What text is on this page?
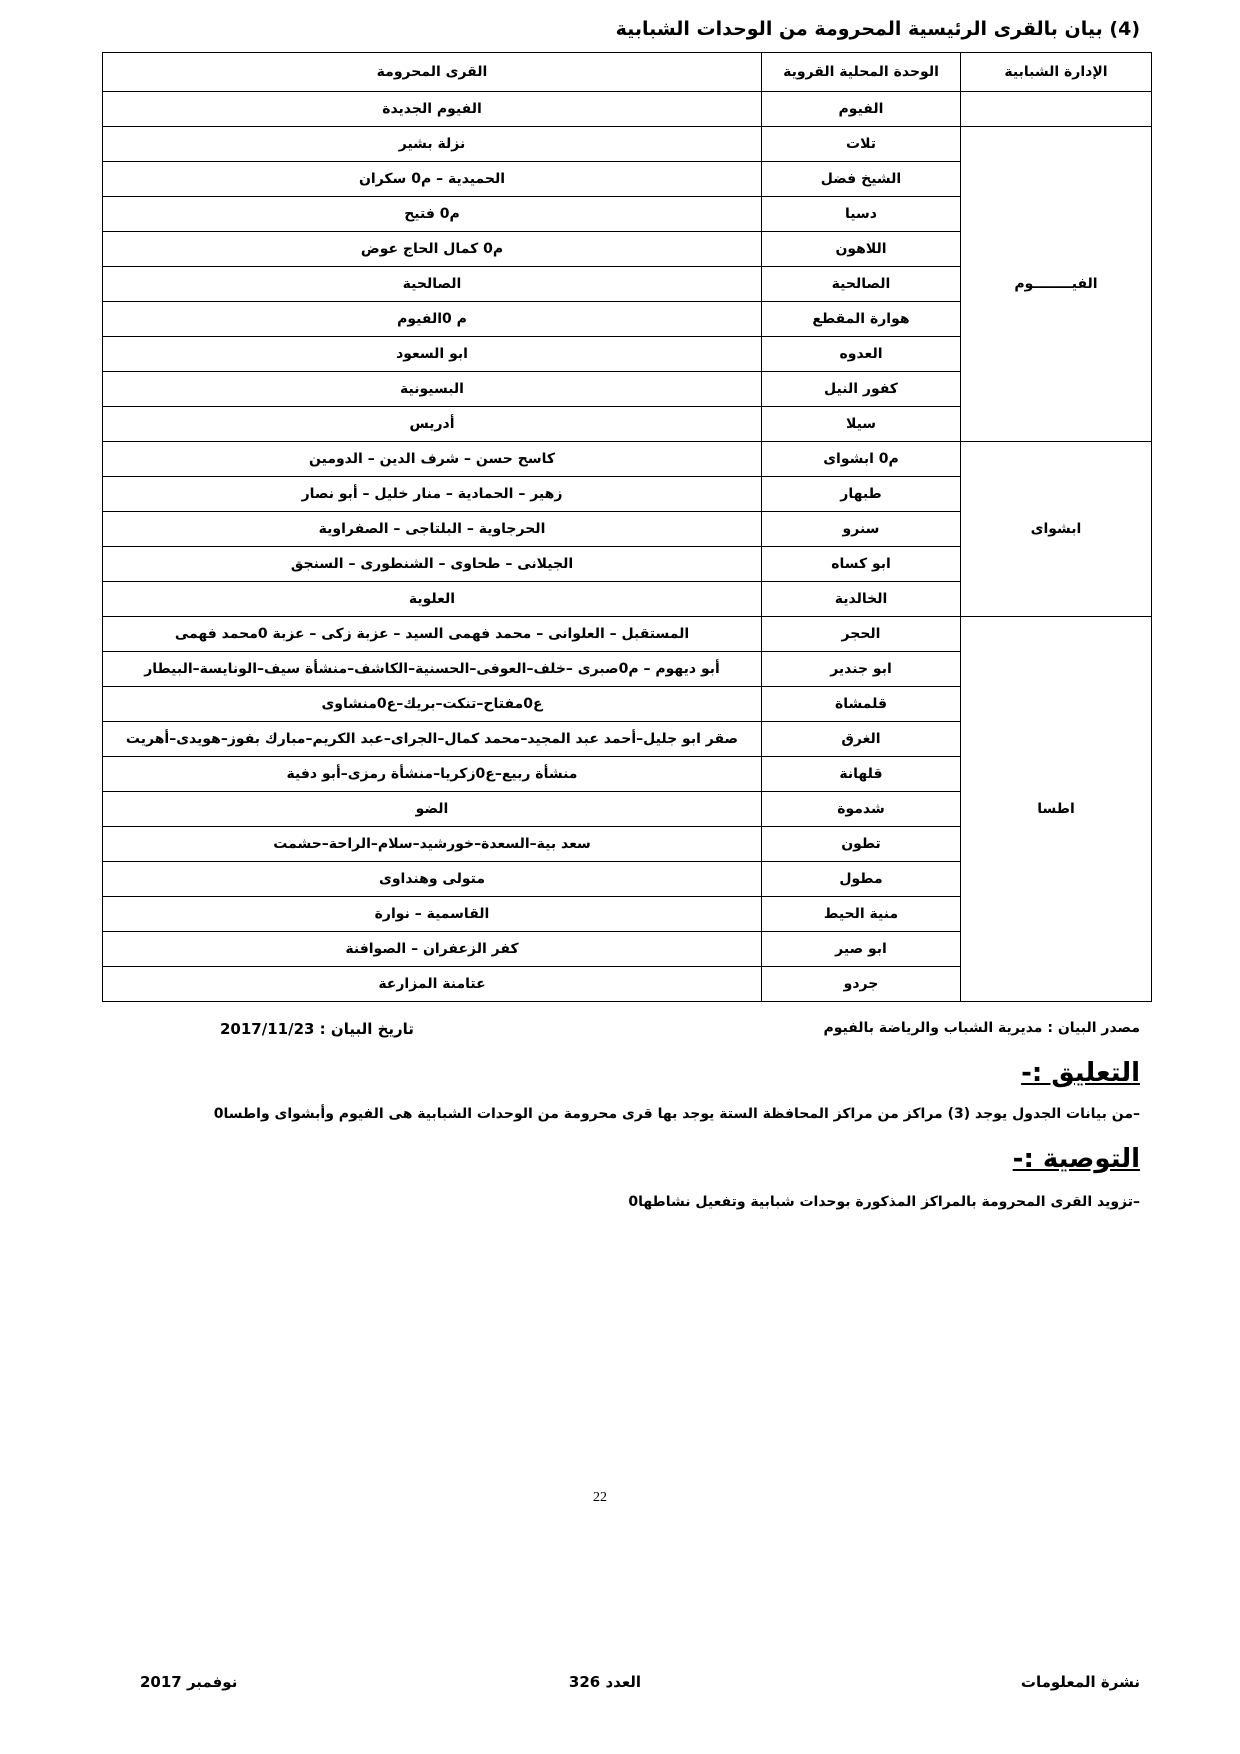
(4) بيان بالقرى الرئيسية المحرومة من الوحدات الشبابية
الإدارة الشبابية	الوحدة المحلية القروية	القرى المحرومة
	الفيوم	الفيوم الجديدة
الفيــــــــوم	تلات	نزلة بشير
	الشيخ فضل	الحميدية – م0 سكران
	دسيا	م0 فتيح
	اللاهون	م0 كمال الحاج عوض
	الصالحية	الصالحية
	هوارة المقطع	م 0الفيوم
	العدوه	ابو السعود
	كفور النيل	البسيونية
	سيلا	أدريس
ابشواى	م0 ابشواى	كاسح حسن – شرف الدين – الدومين
	طبهار	زهير – الحمادية – منار خليل – أبو نصار
	سنرو	الحرجاوية – البلتاجى – الصفراوية
	ابو كساه	الجيلانى – طحاوى – الشنطورى – السنجق
	الخالدية	العلوية
اطسا	الحجر	المستقبل – العلوانى – محمد فهمى السيد – عزبة زكى – عزبة 0محمد فهمى
	ابو جندير	أبو ديهوم – م0صبرى –خلف–العوفى–الحسنية–الكاشف–منشأة سيف–الونايسة–البيطار
	قلمشاة	ع0مفتاح–تنكت–بريك–ع0منشاوى
	الغرق	صقر ابو جليل–أحمد عبد المجيد–محمد كمال–الجراى–عبد الكريم–مبارك بفوز–هويدى–أهريت
	قلهانة	منشأة ربيع–ع0زكريا–منشأة رمزى–أبو دفية
	شدموة	الضو
	تطون	سعد بية–السعدة–خورشيد–سلام–الراحة–حشمت
	مطول	متولى وهنداوى
	منية الحيط	القاسمية – نوارة
	ابو صير	كفر الزعفران – الصوافنة
	جردو	عتامنة المزارعة
مصدر البيان : مديرية الشباب والرياضة بالفيوم
تاريخ البيان : 2017/11/23
التعليق :-
–من بيانات الجدول يوجد (3) مراكز من مراكز المحافظة الستة يوجد بها قرى محرومة من الوحدات الشبابية هى الفيوم وأبشواى واطسا0
التوصية :-
–تزويد القرى المحرومة بالمراكز المذكورة بوحدات شبابية وتفعيل نشاطها0
22
نشرة المعلومات
العدد 326
نوفمبر 2017
